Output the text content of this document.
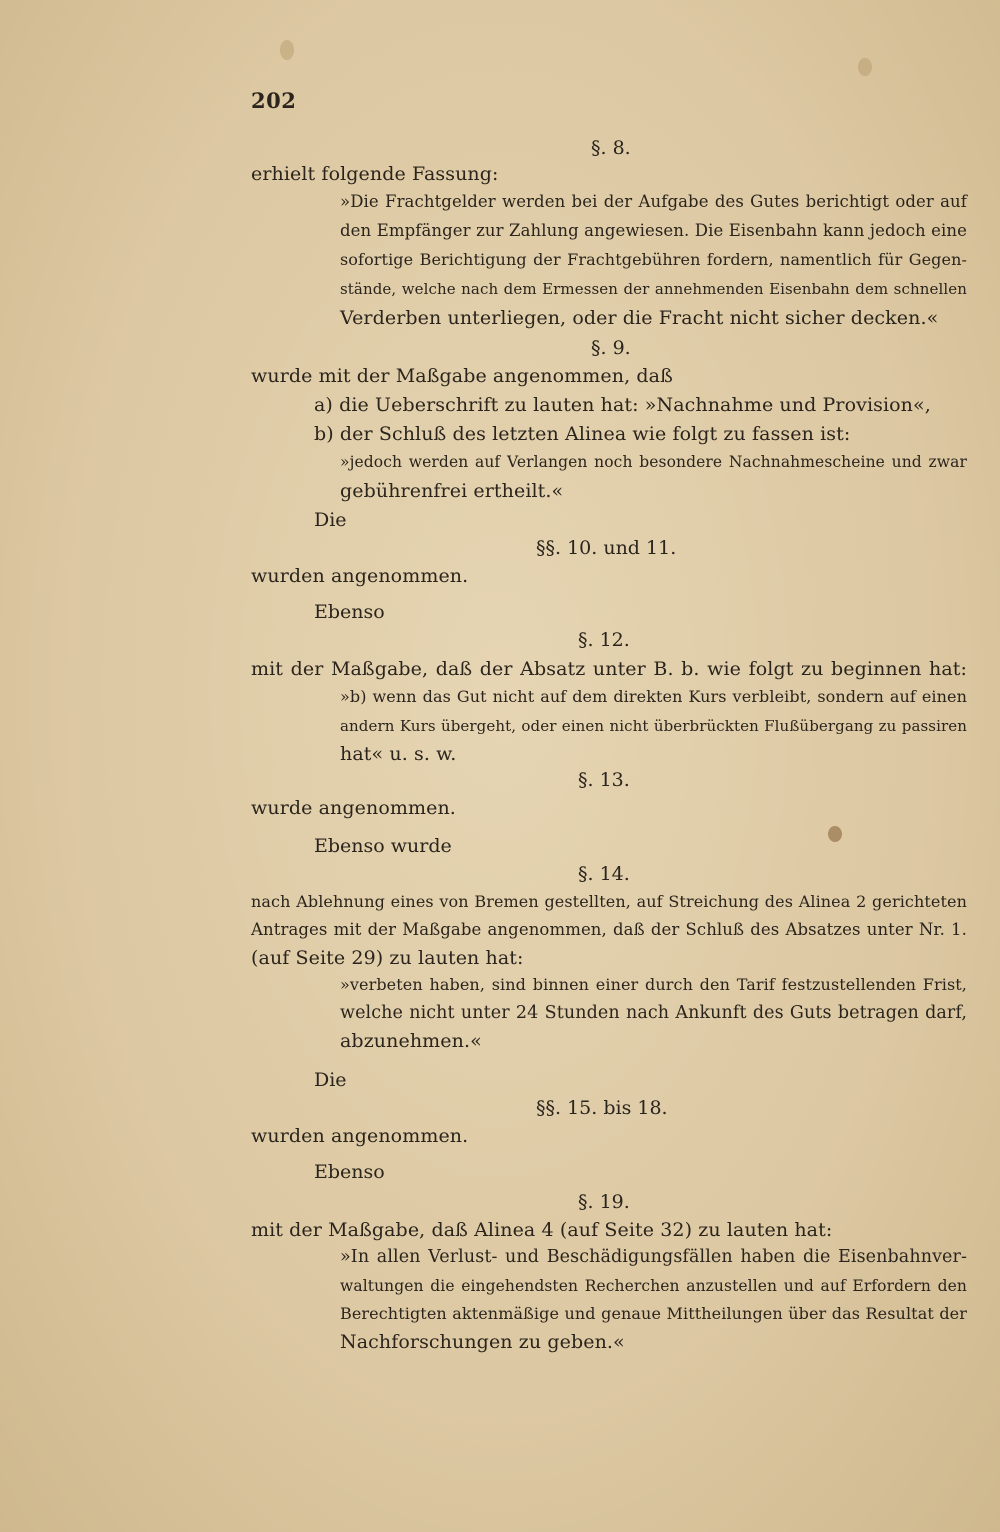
202
§. 8.
erhielt folgende Fassung:
»Die Frachtgelder werden bei der Aufgabe des Gutes berichtigt oder auf
den Empfänger zur Zahlung angewiesen. Die Eisenbahn kann jedoch eine
sofortige Berichtigung der Frachtgebühren fordern, namentlich für Gegen-
stände, welche nach dem Ermessen der annehmenden Eisenbahn dem schnellen
Verderben unterliegen, oder die Fracht nicht sicher decken.«
§. 9.
wurde mit der Maßgabe angenommen, daß
a) die Ueberschrift zu lauten hat: »Nachnahme und Provision«,
b) der Schluß des letzten Alinea wie folgt zu fassen ist:
»jedoch werden auf Verlangen noch besondere Nachnahmescheine und zwar
gebührenfrei ertheilt.«
Die
§§. 10. und 11.
wurden angenommen.
Ebenso
§. 12.
mit der Maßgabe, daß der Absatz unter B. b. wie folgt zu beginnen hat:
»b) wenn das Gut nicht auf dem direkten Kurs verbleibt, sondern auf einen
andern Kurs übergeht, oder einen nicht überbrückten Flußübergang zu passiren
hat« u. s. w.
§. 13.
wurde angenommen.
Ebenso wurde
§. 14.
nach Ablehnung eines von Bremen gestellten, auf Streichung des Alinea 2 gerichteten
Antrages mit der Maßgabe angenommen, daß der Schluß des Absatzes unter Nr. 1.
(auf Seite 29) zu lauten hat:
»verbeten haben, sind binnen einer durch den Tarif festzustellenden Frist,
welche nicht unter 24 Stunden nach Ankunft des Guts betragen darf,
abzunehmen.«
Die
§§. 15. bis 18.
wurden angenommen.
Ebenso
§. 19.
mit der Maßgabe, daß Alinea 4 (auf Seite 32) zu lauten hat:
»In allen Verlust- und Beschädigungsfällen haben die Eisenbahnver-
waltungen die eingehendsten Recherchen anzustellen und auf Erfordern den
Berechtigten aktenmäßige und genaue Mittheilungen über das Resultat der
Nachforschungen zu geben.«
